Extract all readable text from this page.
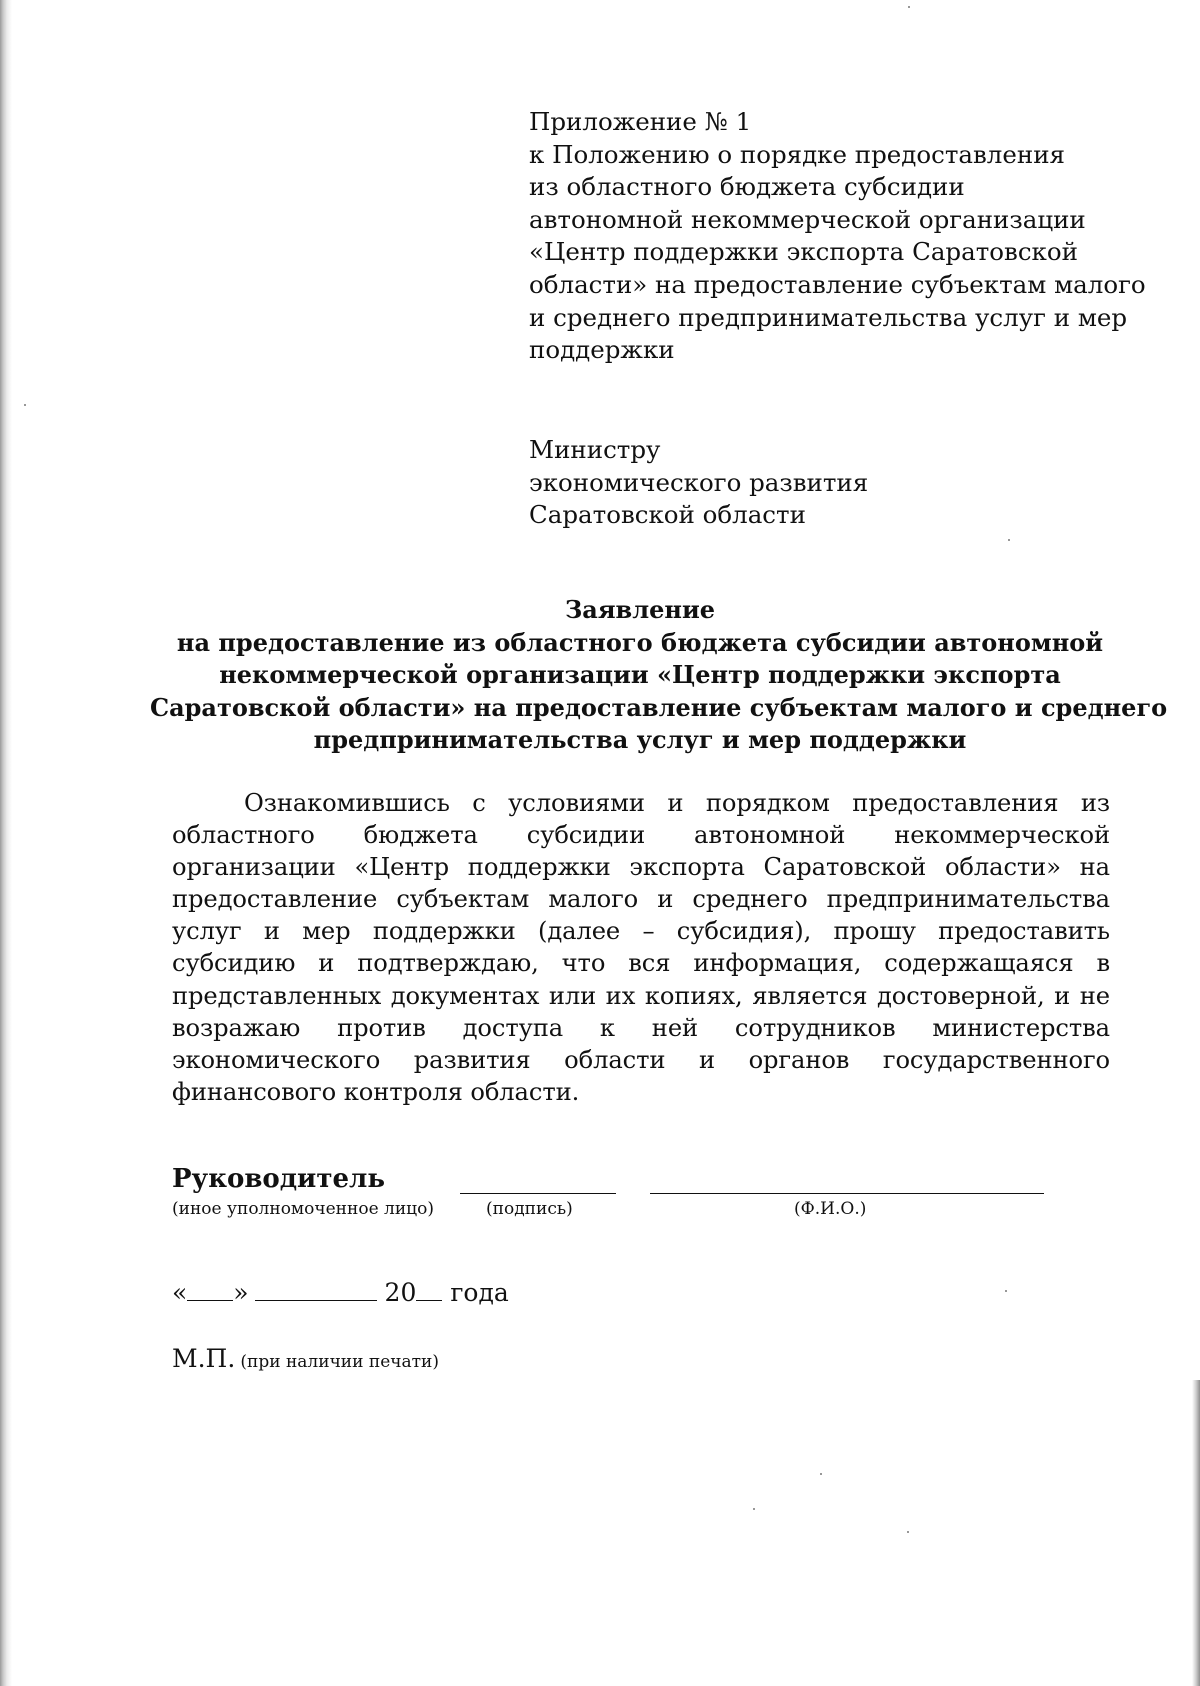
Приложение № 1
к Положению о порядке предоставления
из областного бюджета субсидии
автономной некоммерческой организации
«Центр поддержки экспорта Саратовской
области» на предоставление субъектам малого
и среднего предпринимательства услуг и мер
поддержки
Министру
экономического развития
Саратовской области
Заявление
на предоставление из областного бюджета субсидии автономной
некоммерческой организации «Центр поддержки экспорта
Саратовской области» на предоставление субъектам малого и среднего
предпринимательства услуг и мер поддержки
Ознакомившись с условиями и порядком предоставления из областного бюджета субсидии автономной некоммерческой организации «Центр поддержки экспорта Саратовской области» на предоставление субъектам малого и среднего предпринимательства услуг и мер поддержки (далее – субсидия), прошу предоставить субсидию и подтверждаю, что вся информация, содержащаяся в представленных документах или их копиях, является достоверной, и не возражаю против доступа к ней сотрудников министерства экономического развития области и органов государственного финансового контроля области.
Руководитель
(иное уполномоченное лицо)	(подпись)	(Ф.И.О.)
« »	20 года
М.П. (при наличии печати)
